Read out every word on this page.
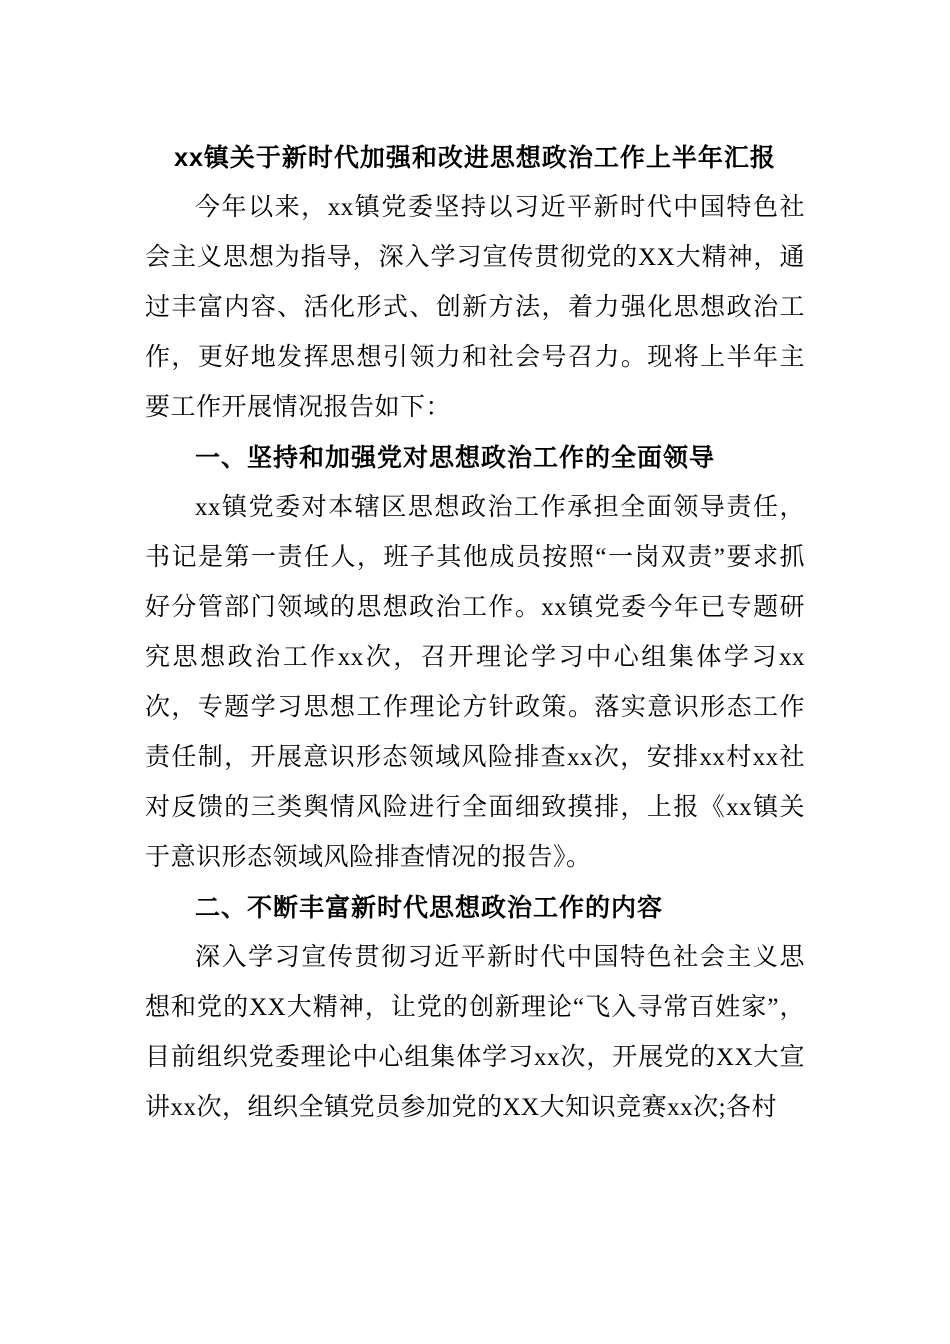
xx镇关于新时代加强和改进思想政治工作上半年汇报

今年以来，xx镇党委坚持以习近平新时代中国特色社会主义思想为指导，深入学习宣传贯彻党的XX大精神，通过丰富内容、活化形式、创新方法，着力强化思想政治工作，更好地发挥思想引领力和社会号召力。现将上半年主要工作开展情况报告如下：

一、坚持和加强党对思想政治工作的全面领导

xx镇党委对本辖区思想政治工作承担全面领导责任，书记是第一责任人，班子其他成员按照“一岗双责”要求抓好分管部门领域的思想政治工作。xx镇党委今年已专题研究思想政治工作xx次，召开理论学习中心组集体学习xx次，专题学习思想工作理论方针政策。落实意识形态工作责任制，开展意识形态领域风险排查xx次，安排xx村xx社对反馈的三类舆情风险进行全面细致摸排，上报《xx镇关于意识形态领域风险排查情况的报告》。

二、不断丰富新时代思想政治工作的内容

深入学习宣传贯彻习近平新时代中国特色社会主义思想和党的XX大精神，让党的创新理论“飞入寻常百姓家”，目前组织党委理论中心组集体学习xx次，开展党的XX大宣讲xx次，组织全镇党员参加党的XX大知识竞赛xx次;各村
